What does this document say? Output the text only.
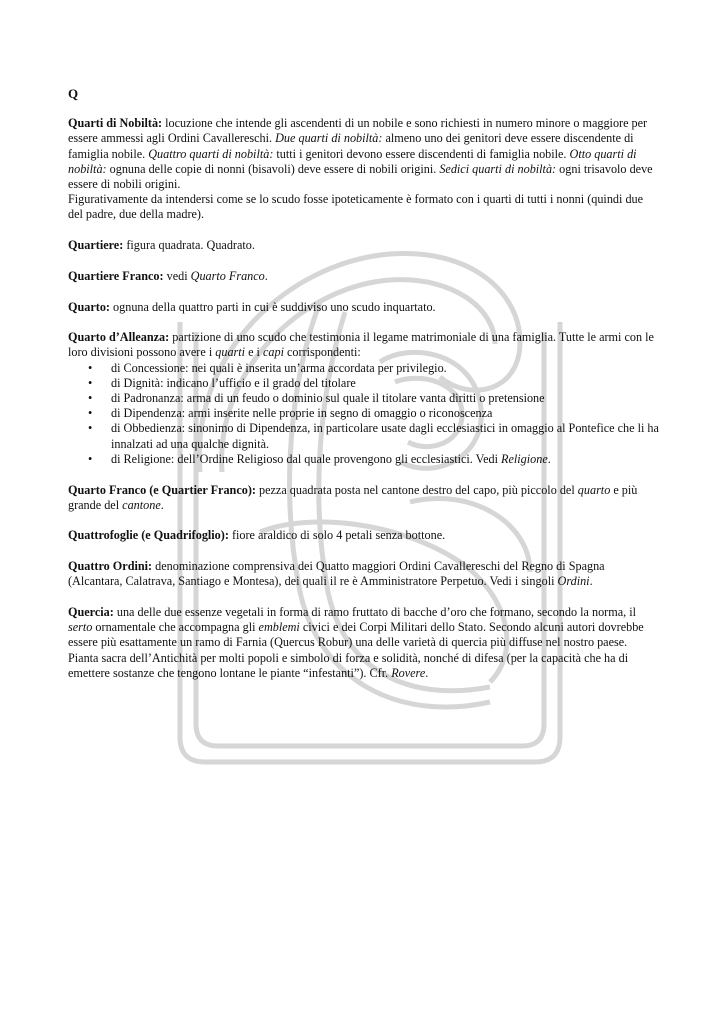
Q

Quarti di Nobiltà: locuzione che intende gli ascendenti di un nobile e sono richiesti in numero minore o maggiore per essere ammessi agli Ordini Cavallereschi. Due quarti di nobiltà: almeno uno dei genitori deve essere discendente di famiglia nobile. Quattro quarti di nobiltà: tutti i genitori devono essere discendenti di famiglia nobile. Otto quarti di nobiltà: ognuna delle copie di nonni (bisavoli) deve essere di nobili origini. Sedici quarti di nobiltà: ogni trisavolo deve essere di nobili origini.

Figurativamente da intendersi come se lo scudo fosse ipoteticamente è formato con i quarti di tutti i nonni (quindi due del padre, due della madre).

Quartiere: figura quadrata. Quadrato.

Quartiere Franco: vedi Quarto Franco.

Quarto: ognuna della quattro parti in cui è suddiviso uno scudo inquartato.

Quarto d’Alleanza: partizione di uno scudo che testimonia il legame matrimoniale di una famiglia. Tutte le armi con le loro divisioni possono avere i quarti e i capi corrispondenti:

• di Concessione: nei quali è inserita un’arma accordata per privilegio.
• di Dignità: indicano l’ufficio e il grado del titolare
• di Padronanza: arma di un feudo o dominio sul quale il titolare vanta diritti o pretensione
• di Dipendenza: armi inserite nelle proprie in segno di omaggio o riconoscenza
• di Obbedienza: sinonimo di Dipendenza, in particolare usate dagli ecclesiastici in omaggio al Pontefice che li ha innalzati ad una qualche dignità.
• di Religione: dell’Ordine Religioso dal quale provengono gli ecclesiastici. Vedi Religione.

Quarto Franco (e Quartier Franco): pezza quadrata posta nel cantone destro del capo, più piccolo del quarto e più grande del cantone.

Quattrofoglie (e Quadrifoglio): fiore araldico di solo 4 petali senza bottone.

Quattro Ordini: denominazione comprensiva dei Quatto maggiori Ordini Cavallereschi del Regno di Spagna (Alcantara, Calatrava, Santiago e Montesa), dei quali il re è Amministratore Perpetuo. Vedi i singoli Ordini.

Quercia: una delle due essenze vegetali in forma di ramo fruttato di bacche d’oro che formano, secondo la norma, il serto ornamentale che accompagna gli emblemi civici e dei Corpi Militari dello Stato. Secondo alcuni autori dovrebbe essere più esattamente un ramo di Farnia (Quercus Robur) una delle varietà di quercia più diffuse nel nostro paese. Pianta sacra dell’Antichità per molti popoli e simbolo di forza e solidità, nonché di difesa (per la capacità che ha di emettere sostanze che tengono lontane le piante “infestanti”). Cfr. Rovere.
